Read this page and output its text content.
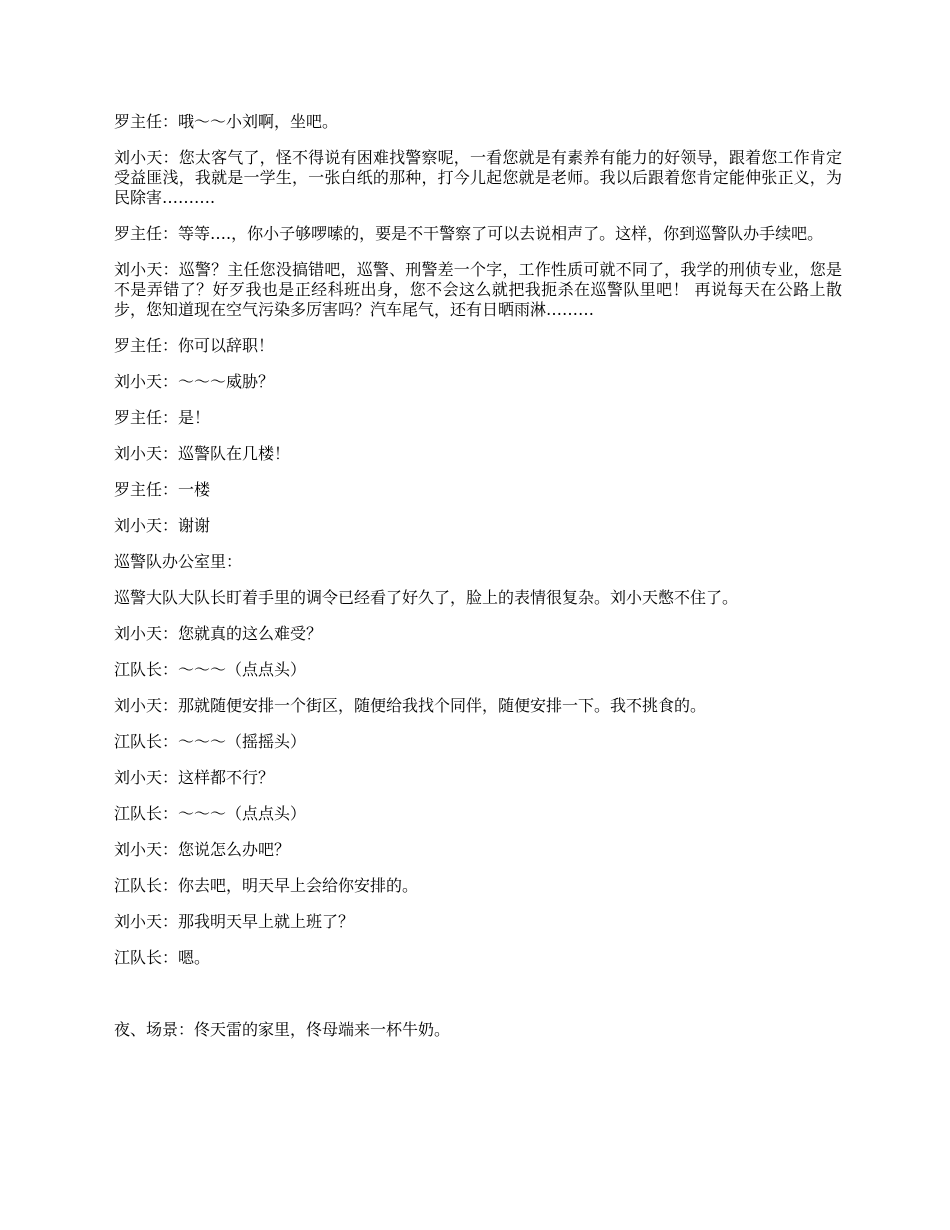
罗主任：哦～～小刘啊，坐吧。

刘小天：您太客气了，怪不得说有困难找警察呢，一看您就是有素养有能力的好领导，跟着您工作肯定受益匪浅，我就是一学生，一张白纸的那种，打今儿起您就是老师。我以后跟着您肯定能伸张正义，为民除害……….

罗主任：等等….，你小子够啰嗦的，要是不干警察了可以去说相声了。这样，你到巡警队办手续吧。

刘小天：巡警？主任您没搞错吧，巡警、刑警差一个字，工作性质可就不同了，我学的刑侦专业，您是不是弄错了？好歹我也是正经科班出身，您不会这么就把我扼杀在巡警队里吧！ 再说每天在公路上散步，您知道现在空气污染多厉害吗？汽车尾气，还有日晒雨淋………

罗主任：你可以辞职！

刘小天：～～～威胁？

罗主任：是！

刘小天：巡警队在几楼！

罗主任：一楼

刘小天：谢谢

巡警队办公室里：

巡警大队大队长盯着手里的调令已经看了好久了，脸上的表情很复杂。刘小天憋不住了。

刘小天：您就真的这么难受？

江队长：～～～（点点头）

刘小天：那就随便安排一个街区，随便给我找个同伴，随便安排一下。我不挑食的。

江队长：～～～（摇摇头）

刘小天：这样都不行？

江队长：～～～（点点头）

刘小天：您说怎么办吧？

江队长：你去吧，明天早上会给你安排的。

刘小天：那我明天早上就上班了？

江队长：嗯。

夜、场景：佟天雷的家里，佟母端来一杯牛奶。
